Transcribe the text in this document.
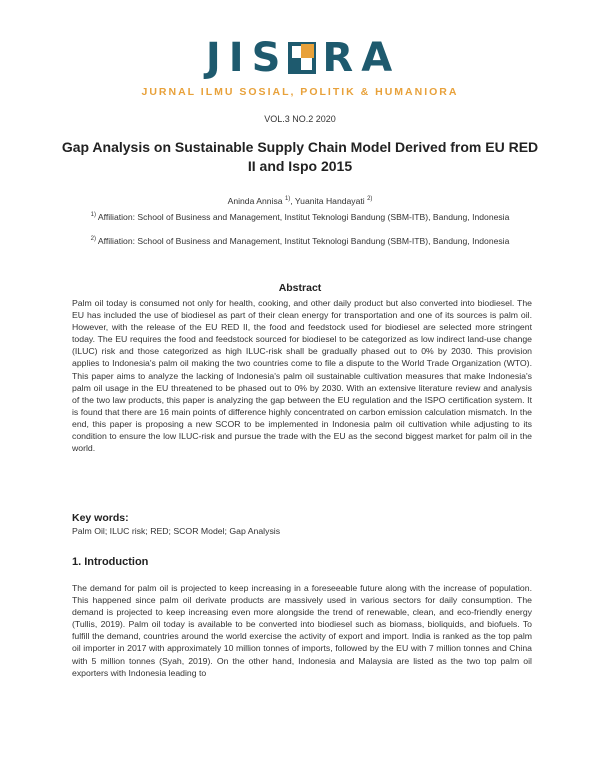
J I S R A
JURNAL ILMU SOSIAL, POLITIK & HUMANIORA
VOL.3 NO.2 2020
Gap Analysis on Sustainable Supply Chain Model Derived from EU RED II and Ispo 2015
Aninda Annisa $^{1)}$, Yuanita Handayati $^{2)}$
$^{1)}$ Affiliation: School of Business and Management, Institut Teknologi Bandung (SBM-ITB), Bandung, Indonesia
$^{2)}$ Affiliation: School of Business and Management, Institut Teknologi Bandung (SBM-ITB), Bandung, Indonesia
Abstract

Palm oil today is consumed not only for health, cooking, and other daily product but also converted into biodiesel. The EU has included the use of biodiesel as part of their clean energy for transportation and one of its sources is palm oil. However, with the release of the EU RED II, the food and feedstock used for biodiesel are selected more stringent today. The EU requires the food and feedstock sourced for biodiesel to be categorized as low indirect land-use change (ILUC) risk and those categorized as high ILUC-risk shall be gradually phased out to 0% by 2030. This provision applies to Indonesia's palm oil making the two countries come to file a dispute to the World Trade Organization (WTO). This paper aims to analyze the lacking of Indonesia's palm oil sustainable cultivation measures that make Indonesia's palm oil usage in the EU threatened to be phased out to 0% by 2030. With an extensive literature review and analysis of the two law products, this paper is analyzing the gap between the EU regulation and the ISPO certification system. It is found that there are 16 main points of difference highly concentrated on carbon emission calculation mismatch. In the end, this paper is proposing a new SCOR to be implemented in Indonesia palm oil cultivation while adjusting to its condition to ensure the low ILUC-risk and pursue the trade with the EU as the second biggest market for palm oil in the world.

Key words:
Palm Oil; ILUC risk; RED; SCOR Model; Gap Analysis
1. Introduction

The demand for palm oil is projected to keep increasing in a foreseeable future along with the increase of population. This happened since palm oil derivate products are massively used in various sectors for daily consumption. The demand is projected to keep increasing even more alongside the trend of renewable, clean, and eco-friendly energy (Tullis, 2019). Palm oil today is available to be converted into biodiesel such as biomass, bioliquids, and biofuels. To fulfill the demand, countries around the world exercise the activity of export and import. India is ranked as the top palm oil importer in 2017 with approximately 10 million tonnes of imports, followed by the EU with 7 million tonnes and China with 5 million tonnes (Syah, 2019). On the other hand, Indonesia and Malaysia are listed as the two top palm oil exporters with Indonesia leading to
